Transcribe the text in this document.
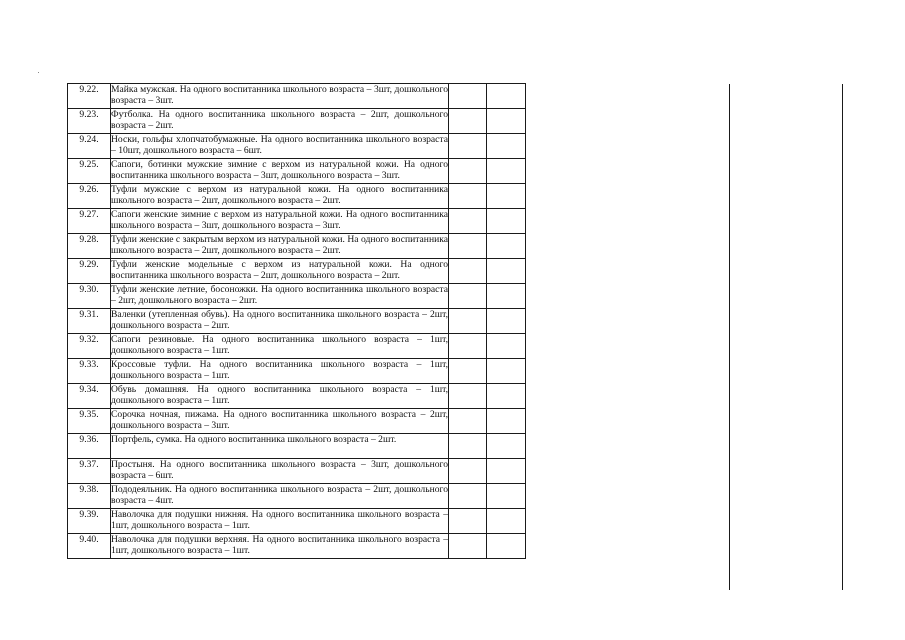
9.22.	Майка мужская. На одного воспитанника школьного возраста – 3шт, дошкольного возраста – 3шт.		
9.23.	Футболка. На одного воспитанника школьного возраста – 2шт, дошкольного возраста – 2шт.		
9.24.	Носки, гольфы хлопчатобумажные. На одного воспитанника школьного возраста – 10шт, дошкольного возраста – 6шт.		
9.25.	Сапоги, ботинки мужские зимние с верхом из натуральной кожи. На одного воспитанника школьного возраста – 3шт, дошкольного возраста – 3шт.		
9.26.	Туфли мужские с верхом из натуральной кожи. На одного воспитанника школьного возраста – 2шт, дошкольного возраста – 2шт.		
9.27.	Сапоги женские зимние с верхом из натуральной кожи. На одного воспитанника школьного возраста – 3шт, дошкольного возраста – 3шт.		
9.28.	Туфли женские с закрытым верхом из натуральной кожи. На одного воспитанника школьного возраста – 2шт, дошкольного возраста – 2шт.		
9.29.	Туфли женские модельные с верхом из натуральной кожи. На одного воспитанника школьного возраста – 2шт, дошкольного возраста – 2шт.		
9.30.	Туфли женские летние, босоножки. На одного воспитанника школьного возраста – 2шт, дошкольного возраста – 2шт.		
9.31.	Валенки (утепленная обувь). На одного воспитанника школьного возраста – 2шт, дошкольного возраста – 2шт.		
9.32.	Сапоги резиновые. На одного воспитанника школьного возраста – 1шт, дошкольного возраста – 1шт.		
9.33.	Кроссовые туфли. На одного воспитанника школьного возраста – 1шт, дошкольного возраста – 1шт.		
9.34.	Обувь домашняя. На одного воспитанника школьного возраста – 1шт, дошкольного возраста – 1шт.		
9.35.	Сорочка ночная, пижама. На одного воспитанника школьного возраста – 2шт, дошкольного возраста – 3шт.		
9.36.	Портфель, сумка. На одного воспитанника школьного возраста – 2шт.		
9.37.	Простыня. На одного воспитанника школьного возраста – 3шт, дошкольного возраста – 6шт.		
9.38.	Пододеяльник. На одного воспитанника школьного возраста – 2шт, дошкольного возраста – 4шт.		
9.39.	Наволочка для подушки нижняя. На одного воспитанника школьного возраста – 1шт, дошкольного возраста – 1шт.		
9.40.	Наволочка для подушки верхняя. На одного воспитанника школьного возраста – 1шт, дошкольного возраста – 1шт.		
